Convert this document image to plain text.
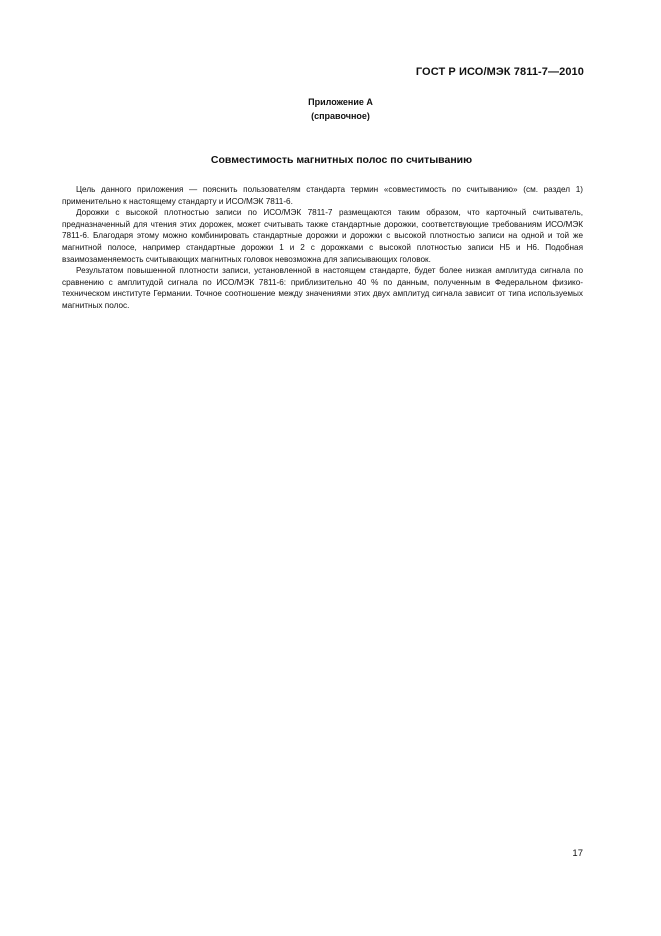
ГОСТ Р ИСО/МЭК 7811-7—2010
Приложение А
(справочное)
Совместимость магнитных полос по считыванию

Цель данного приложения — пояснить пользователям стандарта термин «совместимость по считыванию» (см. раздел 1) применительно к настоящему стандарту и ИСО/МЭК 7811-6.

Дорожки с высокой плотностью записи по ИСО/МЭК 7811-7 размещаются таким образом, что карточный считыватель, предназначенный для чтения этих дорожек, может считывать также стандартные дорожки, соответствующие требованиям ИСО/МЭК 7811-6. Благодаря этому можно комбинировать стандартные дорожки и дорожки с высокой плотностью записи на одной и той же магнитной полосе, например стандартные дорожки 1 и 2 с дорожками с высокой плотностью записи Н5 и Н6. Подобная взаимозаменяемость считывающих магнитных головок невозможна для записывающих головок.

Результатом повышенной плотности записи, установленной в настоящем стандарте, будет более низкая амплитуда сигнала по сравнению с амплитудой сигнала по ИСО/МЭК 7811-6: приблизительно 40 % по данным, полученным в Федеральном физико-техническом институте Германии. Точное соотношение между значениями этих двух амплитуд сигнала зависит от типа используемых магнитных полос.

17
